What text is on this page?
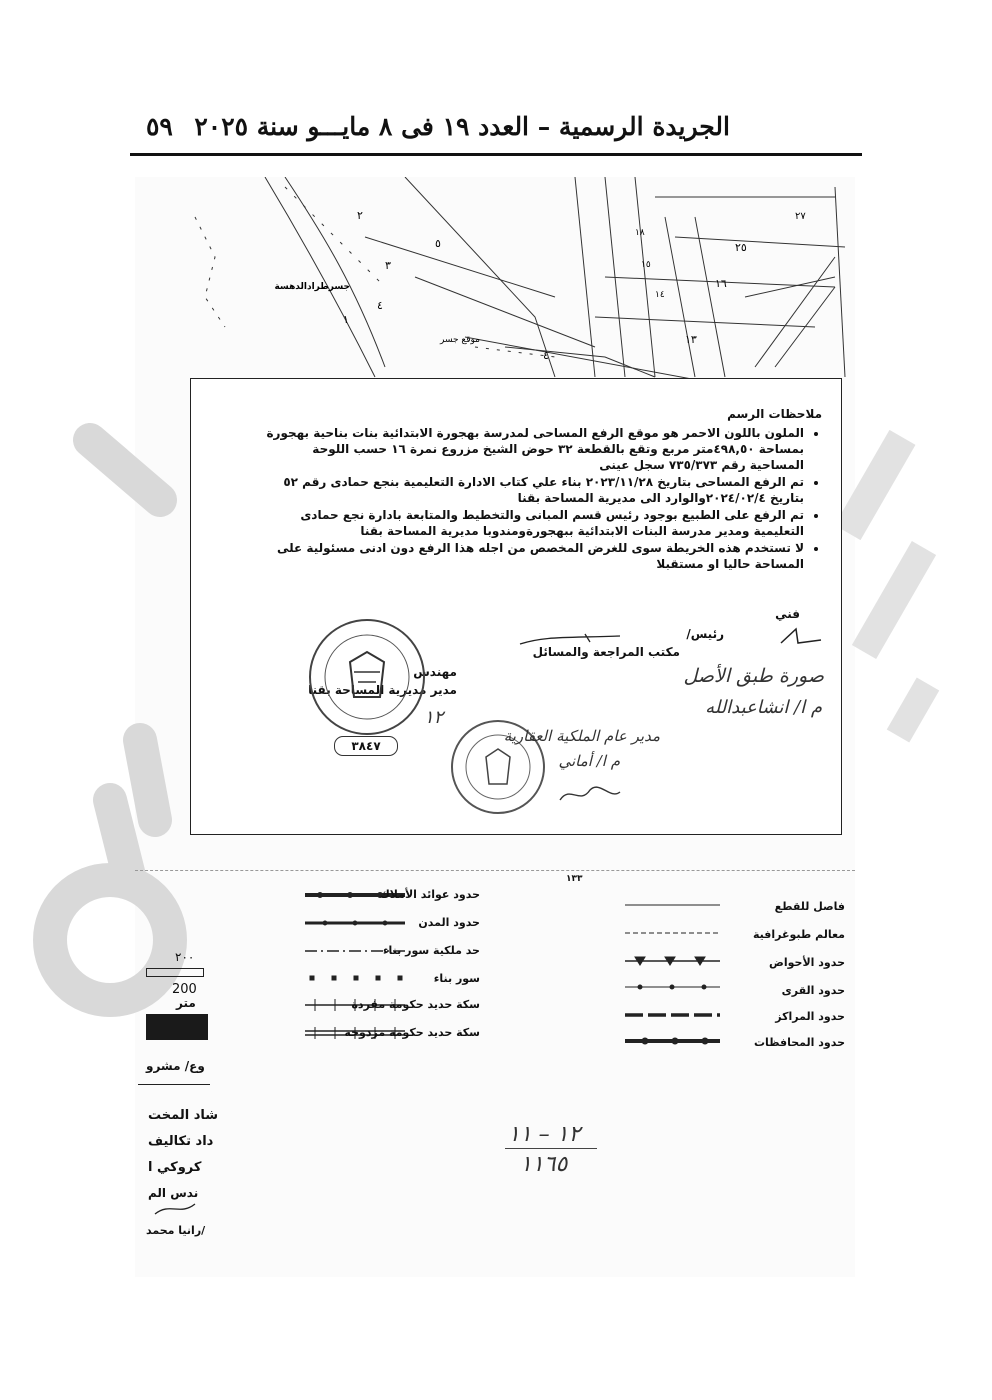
الجريدة الرسمية – العدد ١٩ فى ٨ مايـــو سنة ٢٠٢٥
٥٩
٢
٥
٣
جسرطرادالدهسة
٤
١
موقع جسر
٤
٢٥
٢٧
١٦
١٣
١٥
١٤
١٨
ملاحظات الرسم
• الملون باللون الاحمر هو موقع الرفع المساحى لمدرسة بهجورة الابتدائية بنات بناحية بهجورة بمساحة ٤٩٨,٥٠متر مربع وتقع بالقطعة ٣٢ حوض الشيخ مزروع نمرة ١٦ حسب اللوحة المساحية رقم ٧٣٥/٣٧٣ سجل عينى
• تم الرفع المساحى بتاريخ ٢٠٢٣/١١/٢٨ بناء علي كتاب الادارة التعليمية بنجع حمادى رقم ٥٢ بتاريخ ٢٠٢٤/٠٢/٤والوارد الى مديرية المساحة بقنا
• تم الرفع على الطبيع بوجود رئيس قسم المبانى والتخطيط والمتابعة بادارة نجع حمادى التعليمية ومدير مدرسة البنات الابتدائية ببهجورةومندوبا مديرية المساحة بقنا
• لا تستخدم هذه الخريطة سوى للغرض المخصص من اجله هذا الرفع دون ادنى مسئولية على المساحة حاليا او مستقبلا
فني
رئيس/
مكتب المراجعة والمسائل
مهندس
مدير مديرية المساحة بقنا
٣٨٤٧
صورة طبق الأصل
م ا/ انشاعبدالله
مدير عام الملكية العقارية
م ا/ أماني
١٢
١٣٣
حدود عوائد الأملاك
حدود المدن
حد ملكية سور بناء
سور بناء
سكة حديد حكومة مفردة
سكة حديد حكومة مزدوجة
فاصل للقطع
معالم طبوغرافية
حدود الأحواض
حدود القرى
حدود المراكز
حدود المحافظات
٢٠٠
200
متر
وع/ مشرو
شاد المخت
داد تكاليف
كروكي ا
ندس الم
/رانيا محمد
١٢ – ١١
١١٦٥
